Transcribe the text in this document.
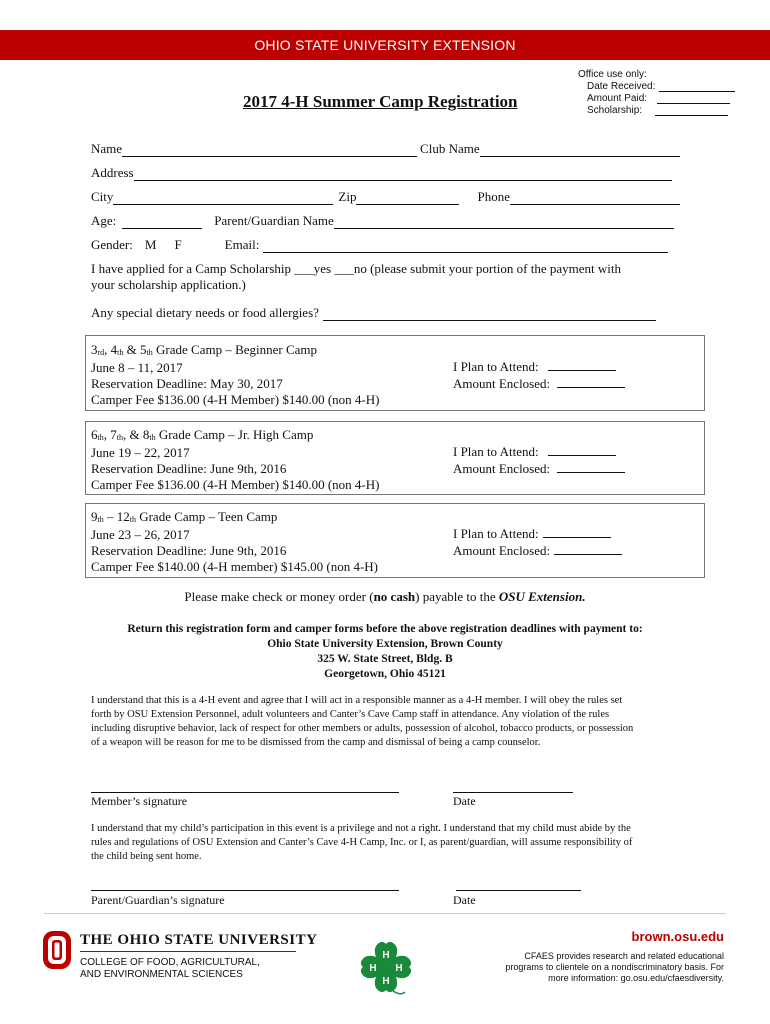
OHIO STATE UNIVERSITY EXTENSION
Office use only:
Date Received:
Amount Paid:
Scholarship:
2017 4-H Summer Camp Registration
Name	Club Name
Address
City	Zip	Phone
Age:	Parent/Guardian Name
Gender: M F	Email:
I have applied for a Camp Scholarship ___yes ___no (please submit your portion of the payment with
your scholarship application.)
Any special dietary needs or food allergies?
3rd, 4th & 5th Grade Camp – Beginner Camp
June 8 – 11, 2017
Reservation Deadline: May 30, 2017
Camper Fee $136.00 (4-H Member) $140.00 (non 4-H)
I Plan to Attend:
Amount Enclosed:
6th, 7th, & 8th Grade Camp – Jr. High Camp
June 19 – 22, 2017
Reservation Deadline: June 9th, 2016
Camper Fee $136.00 (4-H Member) $140.00 (non 4-H)
I Plan to Attend:
Amount Enclosed:
9th – 12th Grade Camp – Teen Camp
June 23 – 26, 2017
Reservation Deadline: June 9th, 2016
Camper Fee $140.00 (4-H member) $145.00 (non 4-H)
I Plan to Attend:
Amount Enclosed:
Please make check or money order (no cash) payable to the OSU Extension.
Return this registration form and camper forms before the above registration deadlines with payment to:
Ohio State University Extension, Brown County
325 W. State Street, Bldg. B
Georgetown, Ohio 45121
I understand that this is a 4-H event and agree that I will act in a responsible manner as a 4-H member. I will obey the rules set
forth by OSU Extension Personnel, adult volunteers and Canter’s Cave Camp staff in attendance. Any violation of the rules
including disruptive behavior, lack of respect for other members or adults, possession of alcohol, tobacco products, or possession
of a weapon will be reason for me to be dismissed from the camp and dismissal of being a camp counselor.
Member’s signature	Date
I understand that my child’s participation in this event is a privilege and not a right. I understand that my child must abide by the
rules and regulations of OSU Extension and Canter’s Cave 4-H Camp, Inc. or I, as parent/guardian, will assume responsibility of
the child being sent home.
Parent/Guardian’s signature	Date
THE OHIO STATE UNIVERSITY
COLLEGE OF FOOD, AGRICULTURAL,
AND ENVIRONMENTAL SCIENCES
H
H H
H
brown.osu.edu
CFAES provides research and related educational
programs to clientele on a nondiscriminatory basis. For
more information: go.osu.edu/cfaesdiversity.
